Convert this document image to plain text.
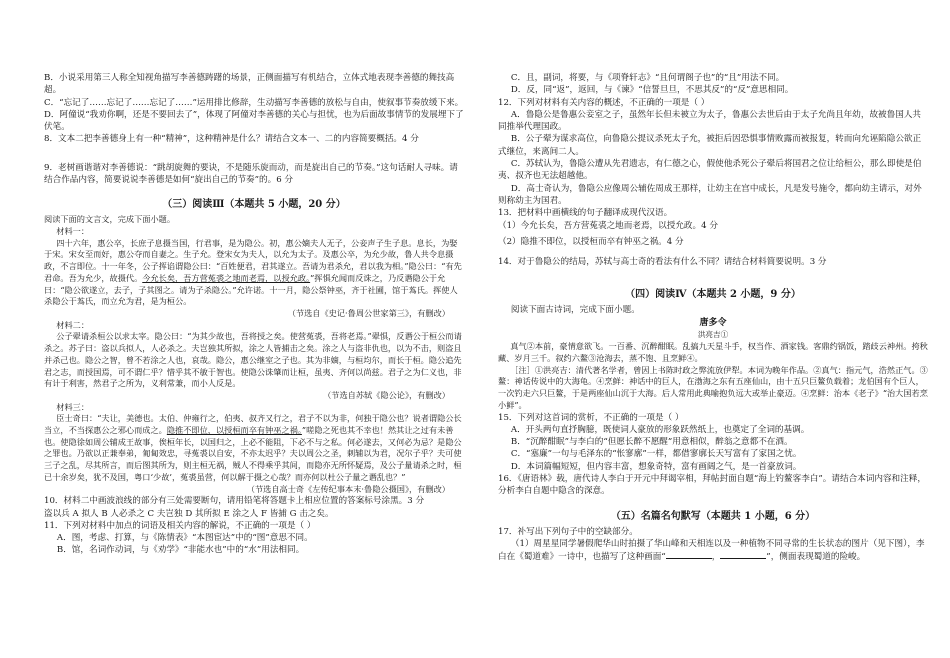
B．小说采用第三人称全知视角描写李善德踌躇的场景，正侧面描写有机结合，立体式地表现李善德的舞技高超。

C．“忘记了……忘记了……忘记了……”运用排比修辞，生动描写李善德的放松与自由，使叙事节奏放缓下来。

D．阿僮说“我劝你啊，还是不要回去了”，体现了阿僮对李善德的关心与担忧，也为后面故事情节的发展埋下了伏笔。

8．文本二把李善德身上有一种“精神”，这种精神是什么？请结合文本一、二的内容简要概括。4 分

9．老树画谐谐对李善德说：“跳胡旋舞的要诀，不是随乐旋而动，而是旋出自己的节奏。”这句话耐人寻味。请结合作品内容，简要说说李善德是如何“旋出自己的节奏”的。6 分

（三）阅读Ⅲ（本题共 5 小题，20 分）

阅读下面的文言文，完成下面小题。

材料一：

四十六年，惠公卒，长庶子息摄当国，行君事，是为隐公。初，惠公嫡夫人无子，公妾声子生子息。息长，为娶于宋。宋女至而好，惠公夺而自妻之。生子允。登宋女为夫人，以允为太子。及惠公卒，为允少故，鲁人共令息摄政，不言即位。十一年冬，公子挥谄谓隐公曰：“百姓便君，君其遂立。吾请为君杀允，君以我为相。”隐公曰：“有先君命。吾为允少，故摄代。今允长矣，吾方营菟裘之地而老焉，以授允政。”挥惧允闻而反诛之，乃反谮隐公于允曰：“隐公欲遂立，去子，子其图之。请为子杀隐公。”允许诺。十一月，隐公祭钟巫，齐于社圃，馆于蒍氏。挥使人杀隐公于蒍氏，而立允为君，是为桓公。

（节选自《史记·鲁周公世家第三》，有删改）

材料二：

公子翚请杀桓公以求太宰。隐公曰：“为其少故也，吾将授之矣。使营菟裘，吾将老焉。”翚惧，反谮公于桓公而请杀之。苏子曰：盗以兵拟人，人必杀之。夫岂独其所拟，涂之人皆捕击之矣。涂之人与盗非仇也，以为不击，则盗且并杀己也。隐公之智，曾不若涂之人也，哀哉。隐公，惠公继室之子也。其为非嫡，与桓均尔，而长于桓。隐公追先君之志，而授国焉，可不谓仁乎？惜乎其不敏于智也。使隐公诛肇而让桓，虽夷、齐何以尚兹。君子之为仁义也，非有计于利害，然君子之所为，义利常兼，而小人反是。

（节选自苏轼《隐公论》，有删改）

材料三：

臣士奇曰：“夫让，美德也。太伯、仲雍行之，伯夷、叔齐又行之，君子不以为非，何独于隐公也？说者谓隐公长当立，不当探惠公之邪心而成之。隐推不即位，以授桓而卒有钟巫之祸。”嗟隐之死也其不幸也！然其让之过有未善也。使隐徐如周公辅成王故事，俟桓年长，以国归之，上必不能阻，下必不与之私。何必遂去，又何必为忌？是隐公之罪也。乃欲以正兼奉弟，匍匐效忠，寻菟裘以自安，不亦太迟乎？夫以周公之圣，刺辅以为君，况尔子乎？夫可使三子之乱，尽其所言，而后图其所为，则主桓无祸，贼人不得乘乎其间，而隐亦无所怀疑焉，及公子量请杀之时，桓已十余岁矣，犹不及国，粤口‘少故’，菟裘虽营，何以解于摄之心哉？而亦何以杜公子量之谮乱也？”

（节选自高士奇《左传纪事本末·鲁隐公摄国》，有删改）

10．材料二中画波浪线的部分有三处需要断句，请用铅笔将答题卡上相应位置的答案标号涂黑。3 分

盗以兵 A 拟人 B 人必杀之 C 夫岂独 D 其所拟 E 涂之人 F 皆捕 G 击之矣。

11．下列对材料中加点的词语及相关内容的解说，不正确的一项是（ ）

A．图，考虑、打算，与《陈情表》“本图宦达”中的“图”意思不同。

B．馆，名词作动词，与《劝学》“非能水也”中的“水”用法相同。

C．且，副词，将要，与《项脊轩志》“且何谓阁子也”的“且”用法不同。

D．反，同“返”，返回，与《谏》“信誓旦旦，不思其反”的“反”意思相同。

12．下列对材料有关内容的概述，不正确的一项是（ ）

A．鲁隐公是鲁惠公妾室之子，虽然年长但未被立为太子，鲁惠公去世后由于太子允尚且年幼，故被鲁国人共同推举代理国政。

B．公子翚为谋求高位，向鲁隐公提议杀死太子允，被拒后因恐惧事情败露而被报复，转而向允诬陷隐公欲正式继位，来离间二人。

C．苏轼认为，鲁隐公遭从先君遗志，有仁德之心，假使他杀死公子翚后将国君之位让给桓公，那么即使是伯夷、叔齐也无法超越他。

D．高士奇认为，鲁隐公应像周公辅佐周成王那样，让幼主在宫中成长，凡是发号施令，都向幼主请示，对外则称幼主为国君。

13．把材料中画横线的句子翻译成现代汉语。

（1）今允长矣，吾方营菟裘之地而老焉，以授允政。4 分

（2）隐推不即位，以授桓而卒有钟巫之祸。4 分

14．对于鲁隐公的结局，苏轼与高士奇的看法有什么不同？请结合材料简要说明。3 分

（四）阅读Ⅳ（本题共 2 小题，9 分）

阅读下面古诗词，完成下面小题。

唐多令

洪亮吉①

真气②本前，豪情意欲飞。一百番、沉醉酣眠。乱搞九天星斗手，权当作、酒家钱。客鼎约锅饭，踏歧云神州。挎秋藏、岁月三千。叙约六鳌③沧海去，蒸不饱、且烹鲜④。

［注］①洪亮吉：清代著名学者，曾因上书陈时政之弊流放伊犁。本词为晚年作品。②真气：指元气，浩然正气。③鳌：神话传说中的大海龟。④烹鲜：神话中的巨人，在渤海之东有五座仙山，由十五只巨鳌负载着；龙伯国有个巨人，一次钓走六只巨鳌，于是两座仙山沉于大海。后人常用此典喻抱负远大或举止豪迈。④烹鲜：治本《老子》“治大国若烹小鲜”。

15．下列对这首词的赏析，不正确的一项是（ ）

A．开头两句直抒胸臆，既使词人豪放的形象跃然纸上，也奠定了全词的基调。

B．“沉醉酣眠”与李白的“但愿长醉不愿醒”用意相似，醉翁之意都不在酒。

C．“塞廉”一句与毛泽东的“怅寥廓”一样，都借寥廓长天写富有了家国之忧。

D．本词篇幅短短，但内容丰富，想象奇特，富有画阔之气，是一首豪放词。

16．《唐语林》载，唐代诗人李白于开元中拜谒宰相，拜帖封面自题“海上钓鳌客李白”。请结合本词内容和注释，分析李白自题中隐含的深意。

（五）名篇名句默写（本题共 1 小题，6 分）

17．补写出下列句子中的空缺部分。

（1）周星星同学暑假爬华山时拍摄了华山峰和天相连以及一种植物不同寻常的生长状态的图片（见下图），李白在《蜀道难》一诗中，也描写了这种画面“	，	”，侧面表现蜀道的险峻。
